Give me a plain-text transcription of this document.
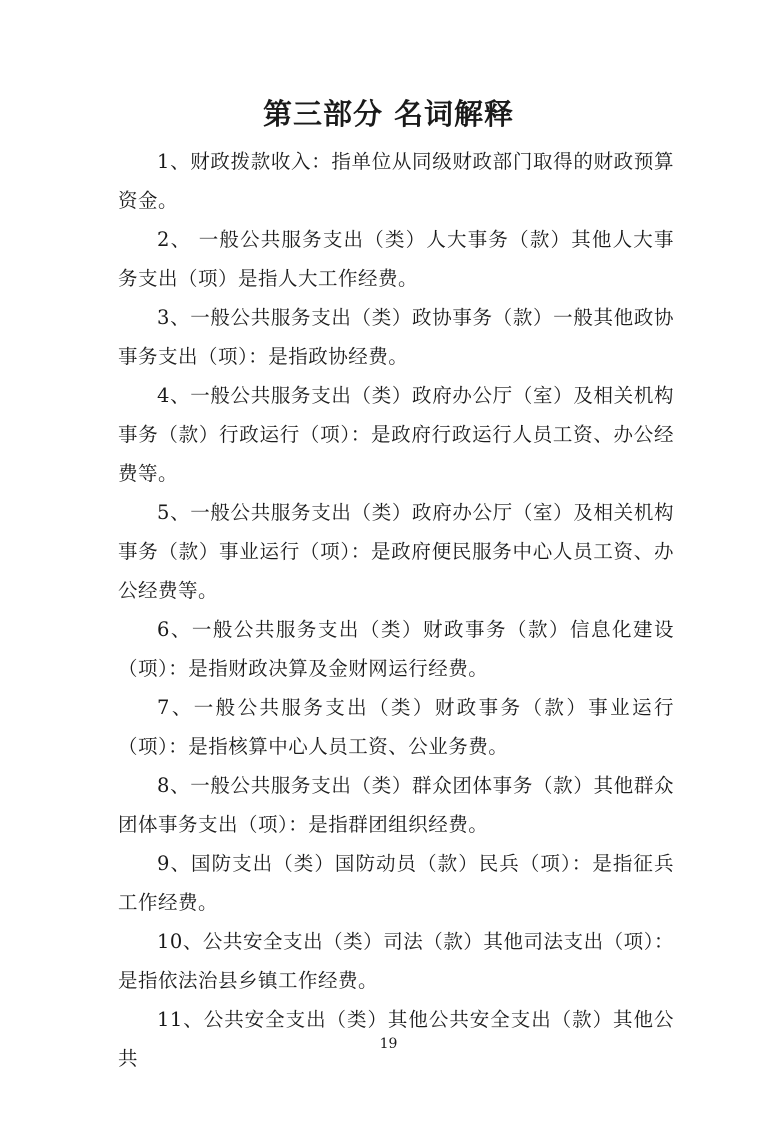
第三部分 名词解释

1、财政拨款收入：指单位从同级财政部门取得的财政预算资金。

2、 一般公共服务支出（类）人大事务（款）其他人大事务支出（项）是指人大工作经费。

3、一般公共服务支出（类）政协事务（款）一般其他政协事务支出（项）：是指政协经费。

4、一般公共服务支出（类）政府办公厅（室）及相关机构事务（款）行政运行（项）：是政府行政运行人员工资、办公经费等。

5、一般公共服务支出（类）政府办公厅（室）及相关机构事务（款）事业运行（项）：是政府便民服务中心人员工资、办公经费等。

6、一般公共服务支出（类）财政事务（款）信息化建设（项）：是指财政决算及金财网运行经费。

7、一般公共服务支出（类）财政事务（款）事业运行（项）：是指核算中心人员工资、公业务费。

8、一般公共服务支出（类）群众团体事务（款）其他群众团体事务支出（项）：是指群团组织经费。

9、国防支出（类）国防动员（款）民兵（项）：是指征兵工作经费。

10、公共安全支出（类）司法（款）其他司法支出（项）：是指依法治县乡镇工作经费。

11、公共安全支出（类）其他公共安全支出（款）其他公共

19
